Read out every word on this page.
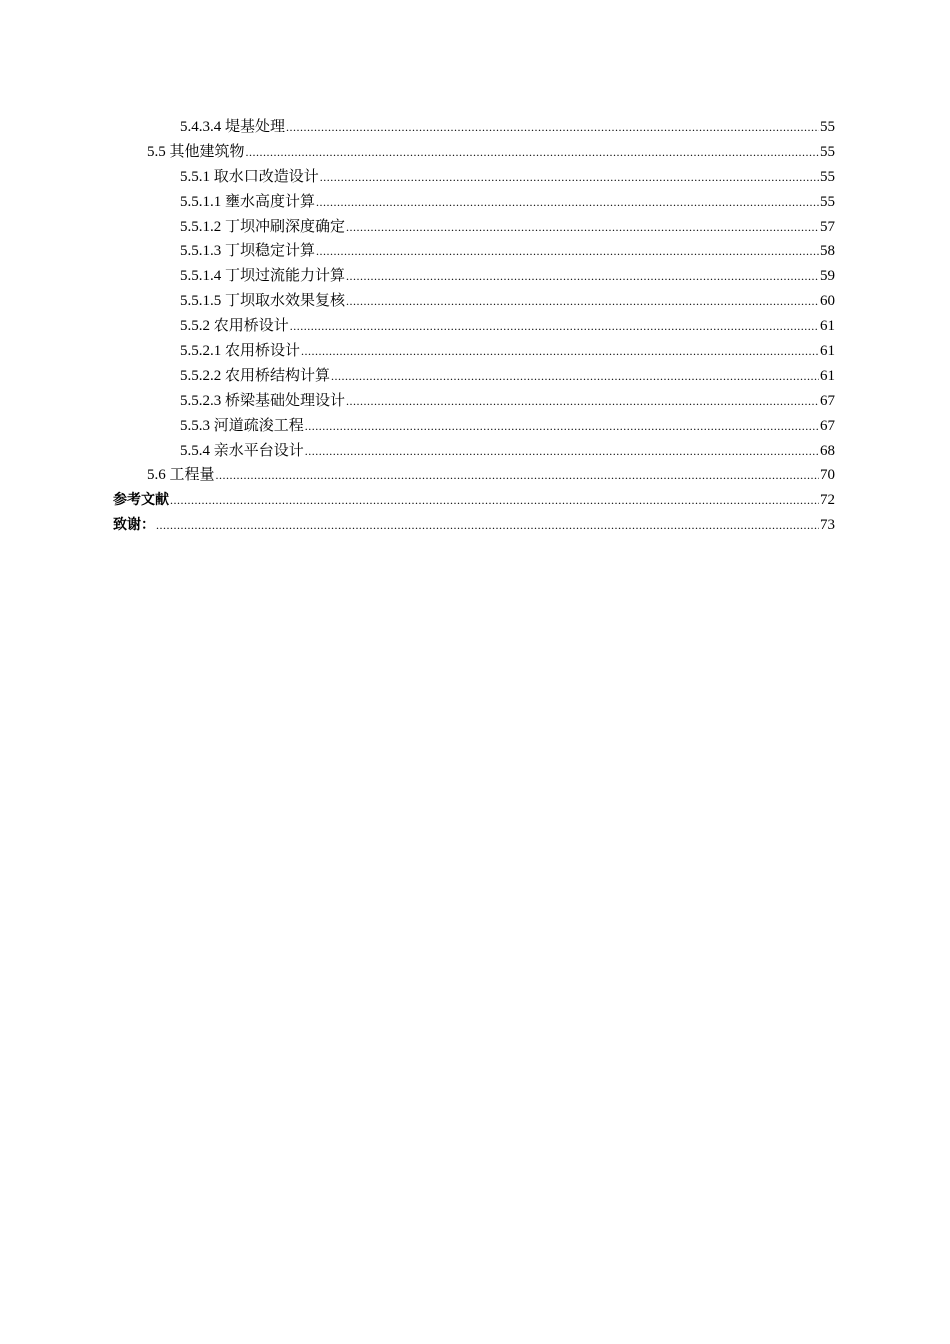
5.4.3.4 堤基处理 .....	55
5.5 其他建筑物 .....	55
5.5.1 取水口改造设计 .....	55
5.5.1.1 壅水高度计算 .....	55
5.5.1.2 丁坝冲刷深度确定 .....	57
5.5.1.3 丁坝稳定计算 .....	58
5.5.1.4 丁坝过流能力计算 .....	59
5.5.1.5 丁坝取水效果复核 .....	60
5.5.2 农用桥设计 .....	61
5.5.2.1 农用桥设计 .....	61
5.5.2.2 农用桥结构计算 .....	61
5.5.2.3 桥梁基础处理设计 .....	67
5.5.3 河道疏浚工程 .....	67
5.5.4 亲水平台设计 .....	68
5.6 工程量 .....	70
参考文献 .....	72
致谢： .....	73
